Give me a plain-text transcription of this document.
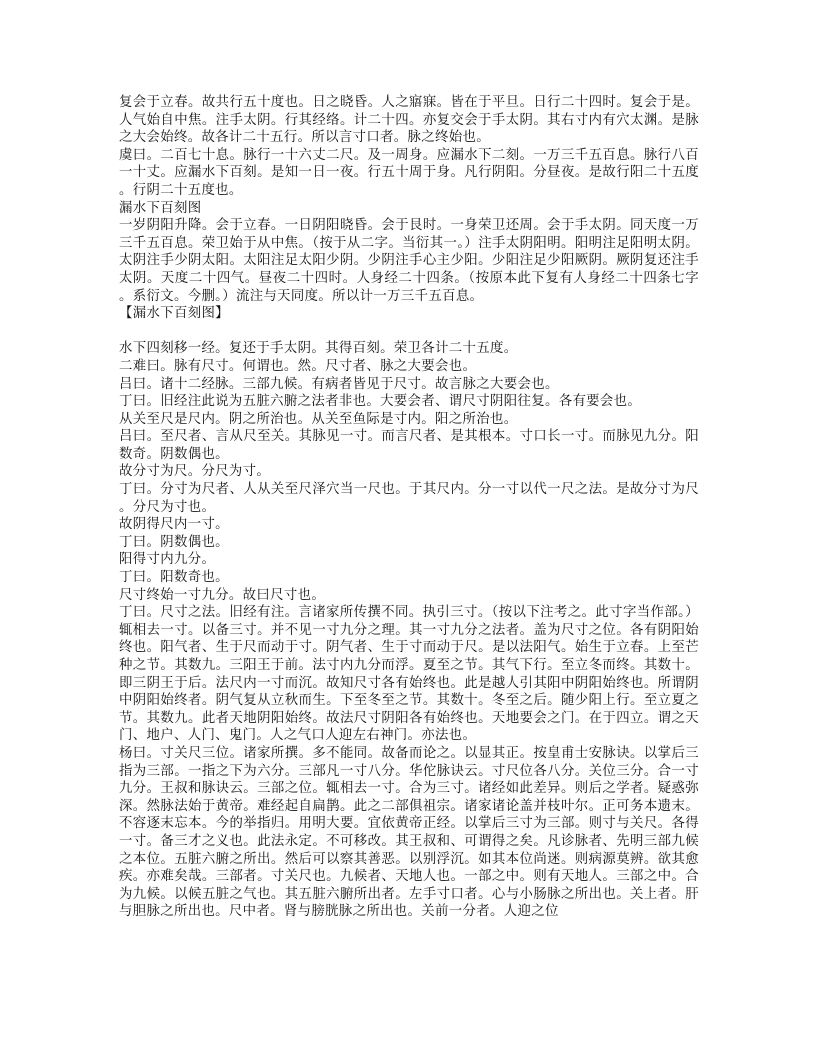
复会于立春。故共行五十度也。日之晓昏。人之寤寐。皆在于平旦。日行二十四时。复会于是。人气始自中焦。注手太阴。行其经络。计二十四。亦复交会于手太阴。其右寸内有穴太渊。是脉之大会始终。故各计二十五行。所以言寸口者。脉之终始也。

虞曰。二百七十息。脉行一十六丈二尺。及一周身。应漏水下二刻。一万三千五百息。脉行八百一十丈。应漏水下百刻。是知一日一夜。行五十周于身。凡行阴阳。分昼夜。是故行阳二十五度。行阴二十五度也。

漏水下百刻图

一岁阴阳升降。会于立春。一日阴阳晓昏。会于艮时。一身荣卫还周。会于手太阴。同天度一万三千五百息。荣卫始于从中焦。（按于从二字。当衍其一。）注手太阴阳明。阳明注足阳明太阴。太阴注手少阴太阳。太阳注足太阳少阴。少阴注手心主少阳。少阳注足少阳厥阴。厥阴复还注手太阴。天度二十四气。昼夜二十四时。人身经二十四条。（按原本此下复有人身经二十四条七字。系衍文。今删。）流注与天同度。所以计一万三千五百息。

【漏水下百刻图】

水下四刻移一经。复还于手太阴。其得百刻。荣卫各计二十五度。

二难曰。脉有尺寸。何谓也。然。尺寸者、脉之大要会也。

吕曰。诸十二经脉。三部九候。有病者皆见于尺寸。故言脉之大要会也。

丁曰。旧经注此说为五脏六腑之法者非也。大要会者、谓尺寸阴阳往复。各有要会也。

从关至尺是尺内。阴之所治也。从关至鱼际是寸内。阳之所治也。

吕曰。至尺者、言从尺至关。其脉见一寸。而言尺者、是其根本。寸口长一寸。而脉见九分。阳数奇。阴数偶也。

故分寸为尺。分尺为寸。

丁曰。分寸为尺者、人从关至尺泽穴当一尺也。于其尺内。分一寸以代一尺之法。是故分寸为尺。分尺为寸也。

故阴得尺内一寸。

丁曰。阴数偶也。

阳得寸内九分。

丁曰。阳数奇也。

尺寸终始一寸九分。故曰尺寸也。

丁曰。尺寸之法。旧经有注。言诸家所传撰不同。执引三寸。（按以下注考之。此寸字当作部。）辄相去一寸。以备三寸。并不见一寸九分之理。其一寸九分之法者。盖为尺寸之位。各有阴阳始终也。阳气者、生于尺而动于寸。阴气者、生于寸而动于尺。是以法阳气。始生于立春。上至芒种之节。其数九。三阳王于前。法寸内九分而浮。夏至之节。其气下行。至立冬而终。其数十。即三阴王于后。法尺内一寸而沉。故知尺寸各有始终也。此是越人引其阳中阴阳始终也。所谓阴中阴阳始终者。阴气复从立秋而生。下至冬至之节。其数十。冬至之后。随少阳上行。至立夏之节。其数九。此者天地阴阳始终。故法尺寸阴阳各有始终也。天地要会之门。在于四立。谓之天门、地户、人门、鬼门。人之气口人迎左右神门。亦法也。

杨曰。寸关尺三位。诸家所撰。多不能同。故备而论之。以显其正。按皇甫士安脉诀。以掌后三指为三部。一指之下为六分。三部凡一寸八分。华佗脉诀云。寸尺位各八分。关位三分。合一寸九分。王叔和脉诀云。三部之位。辄相去一寸。合为三寸。诸经如此差异。则后之学者。疑惑弥深。然脉法始于黄帝。难经起自扁鹊。此之二部俱祖宗。诸家诸论盖并枝叶尔。正可务本遗末。不容逐末忘本。今的举指归。用明大要。宜依黄帝正经。以掌后三寸为三部。则寸与关尺。各得一寸。备三才之义也。此法永定。不可移改。其王叔和、可谓得之矣。凡诊脉者、先明三部九候之本位。五脏六腑之所出。然后可以察其善恶。以别浮沉。如其本位尚迷。则病源莫辨。欲其愈疾。亦难矣哉。三部者。寸关尺也。九候者、天地人也。一部之中。则有天地人。三部之中。合为九候。以候五脏之气也。其五脏六腑所出者。左手寸口者。心与小肠脉之所出也。关上者。肝与胆脉之所出也。尺中者。肾与膀胱脉之所出也。关前一分者。人迎之位
